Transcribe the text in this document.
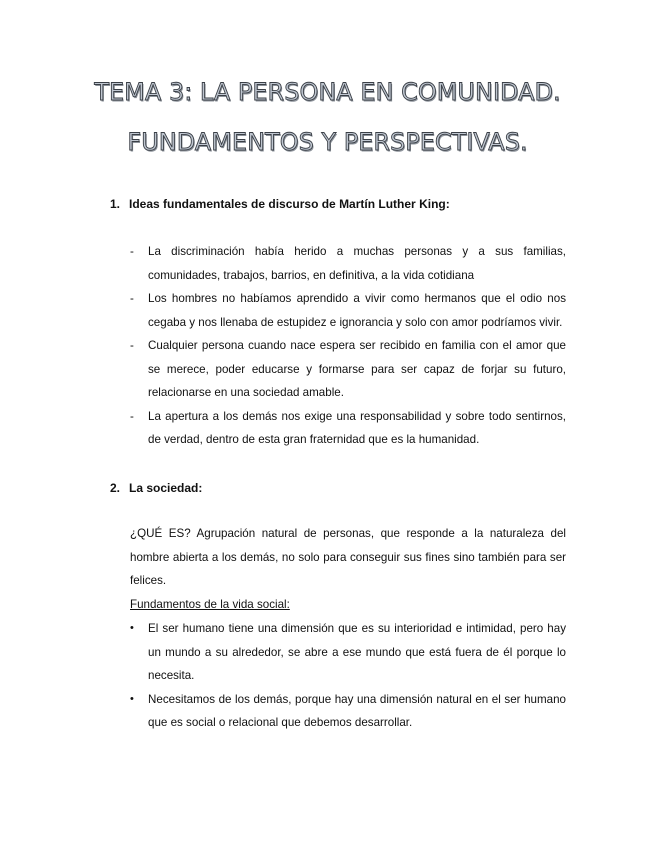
TEMA 3: LA PERSONA EN COMUNIDAD.
FUNDAMENTOS Y PERSPECTIVAS.
1. Ideas fundamentales de discurso de Martín Luther King:
- La discriminación había herido a muchas personas y a sus familias, comunidades, trabajos, barrios, en definitiva, a la vida cotidiana
- Los hombres no habíamos aprendido a vivir como hermanos que el odio nos cegaba y nos llenaba de estupidez e ignorancia y solo con amor podríamos vivir.
- Cualquier persona cuando nace espera ser recibido en familia con el amor que se merece, poder educarse y formarse para ser capaz de forjar su futuro, relacionarse en una sociedad amable.
- La apertura a los demás nos exige una responsabilidad y sobre todo sentirnos, de verdad, dentro de esta gran fraternidad que es la humanidad.
2. La sociedad:
¿QUÉ ES? Agrupación natural de personas, que responde a la naturaleza del hombre abierta a los demás, no solo para conseguir sus fines sino también para ser felices.
Fundamentos de la vida social:
• El ser humano tiene una dimensión que es su interioridad e intimidad, pero hay un mundo a su alrededor, se abre a ese mundo que está fuera de él porque lo necesita.
• Necesitamos de los demás, porque hay una dimensión natural en el ser humano que es social o relacional que debemos desarrollar.
